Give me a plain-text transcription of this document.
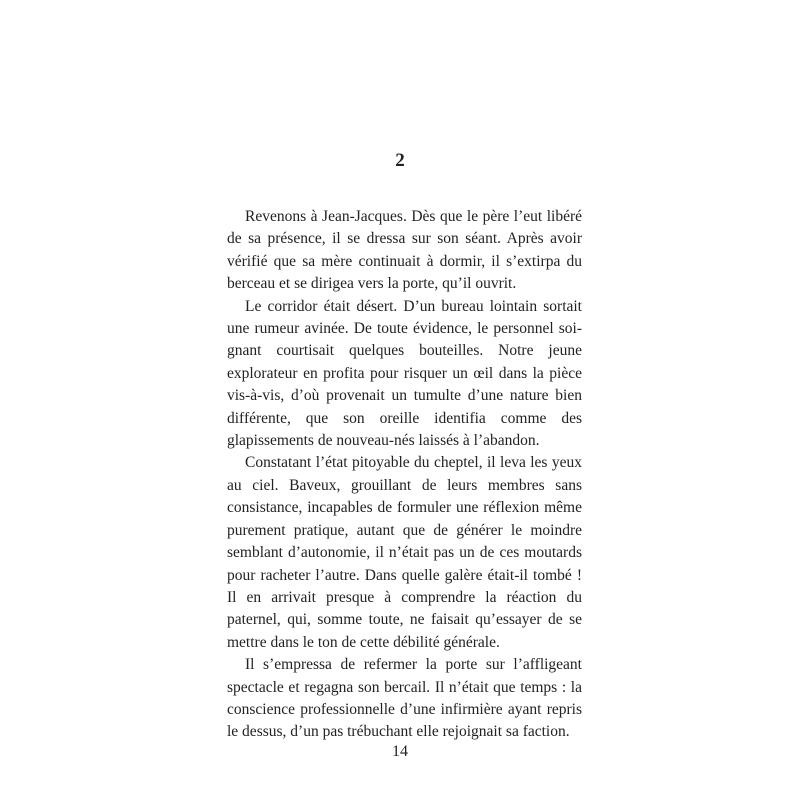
2

Revenons à Jean-Jacques. Dès que le père l’eut libéré de sa présence, il se dressa sur son séant. Après avoir vérifié que sa mère continuait à dormir, il s’extirpa du berceau et se dirigea vers la porte, qu’il ouvrit.

Le corridor était désert. D’un bureau lointain sortait une rumeur avinée. De toute évidence, le personnel soignant courtisait quelques bouteilles. Notre jeune explorateur en profita pour risquer un œil dans la pièce vis-à-vis, d’où provenait un tumulte d’une nature bien différente, que son oreille identifia comme des glapissements de nouveau-nés laissés à l’abandon.

Constatant l’état pitoyable du cheptel, il leva les yeux au ciel. Baveux, grouillant de leurs membres sans consistance, incapables de formuler une réflexion même purement pratique, autant que de générer le moindre semblant d’autonomie, il n’était pas un de ces moutards pour racheter l’autre. Dans quelle galère était-il tombé ! Il en arrivait presque à comprendre la réaction du paternel, qui, somme toute, ne faisait qu’essayer de se mettre dans le ton de cette débilité générale.

Il s’empressa de refermer la porte sur l’affligeant spectacle et regagna son bercail. Il n’était que temps : la conscience professionnelle d’une infirmière ayant repris le dessus, d’un pas trébuchant elle rejoignait sa faction.

14
